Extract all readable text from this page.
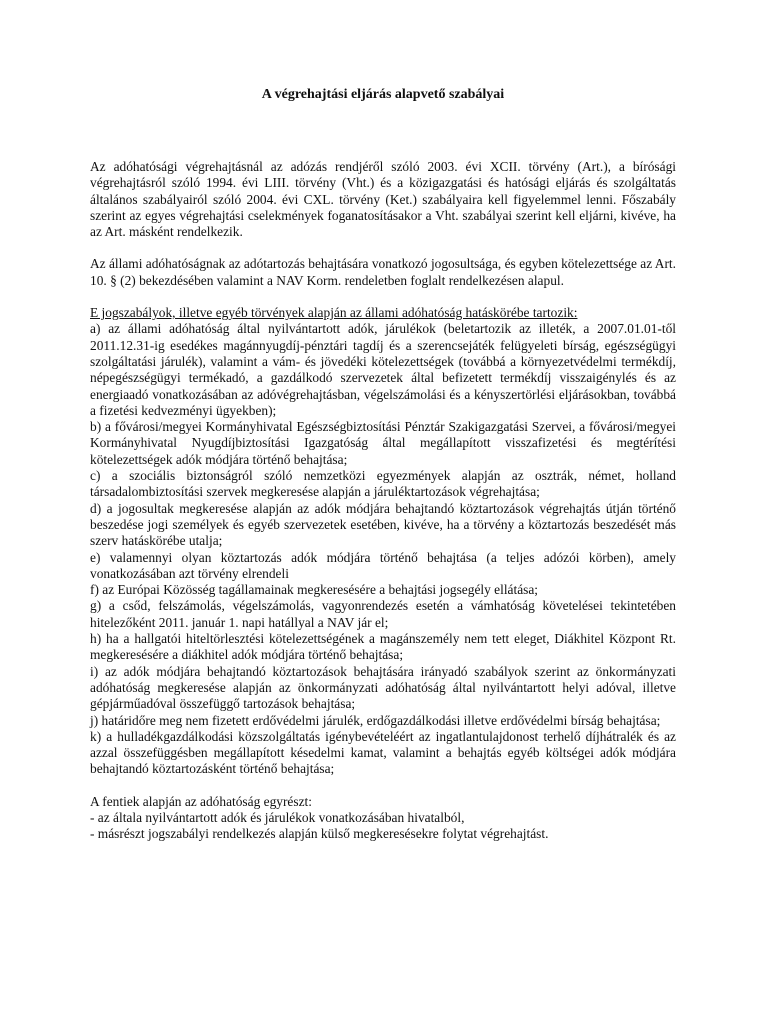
A végrehajtási eljárás alapvető szabályai

Az adóhatósági végrehajtásnál az adózás rendjéről szóló 2003. évi XCII. törvény (Art.), a bírósági végrehajtásról szóló 1994. évi LIII. törvény (Vht.) és a közigazgatási és hatósági eljárás és szolgáltatás általános szabályairól szóló 2004. évi CXL. törvény (Ket.) szabályaira kell figyelemmel lenni. Főszabály szerint az egyes végrehajtási cselekmények foganatosításakor a Vht. szabályai szerint kell eljárni, kivéve, ha az Art. másként rendelkezik.

Az állami adóhatóságnak az adótartozás behajtására vonatkozó jogosultsága, és egyben kötelezettsége az Art. 10. § (2) bekezdésében valamint a NAV Korm. rendeletben foglalt rendelkezésen alapul.

E jogszabályok, illetve egyéb törvények alapján az állami adóhatóság hatáskörébe tartozik:

a) az állami adóhatóság által nyilvántartott adók, járulékok (beletartozik az illeték, a 2007.01.01-től 2011.12.31-ig esedékes magánnyugdíj-pénztári tagdíj és a szerencsejáték felügyeleti bírság, egészségügyi szolgáltatási járulék), valamint a vám- és jövedéki kötelezettségek (továbbá a környezetvédelmi termékdíj, népegészségügyi termékadó, a gazdálkodó szervezetek által befizetett termékdíj visszaigénylés és az energiaadó vonatkozásában az adóvégrehajtásban, végelszámolási és a kényszertörlési eljárásokban, továbbá a fizetési kedvezményi ügyekben);

b) a fővárosi/megyei Kormányhivatal Egészségbiztosítási Pénztár Szakigazgatási Szervei, a fővárosi/megyei Kormányhivatal Nyugdíjbiztosítási Igazgatóság által megállapított visszafizetési és megtérítési kötelezettségek adók módjára történő behajtása;

c) a szociális biztonságról szóló nemzetközi egyezmények alapján az osztrák, német, holland társadalombiztosítási szervek megkeresése alapján a járuléktartozások végrehajtása;

d) a jogosultak megkeresése alapján az adók módjára behajtandó köztartozások végrehajtás útján történő beszedése jogi személyek és egyéb szervezetek esetében, kivéve, ha a törvény a köztartozás beszedését más szerv hatáskörébe utalja;

e) valamennyi olyan köztartozás adók módjára történő behajtása (a teljes adózói körben), amely vonatkozásában azt törvény elrendeli

f) az Európai Közösség tagállamainak megkeresésére a behajtási jogsegély ellátása;

g) a csőd, felszámolás, végelszámolás, vagyonrendezés esetén a vámhatóság követelései tekintetében hitelezőként 2011. január 1. napi hatállyal a NAV jár el;

h) ha a hallgatói hiteltörlesztési kötelezettségének a magánszemély nem tett eleget, Diákhitel Központ Rt. megkeresésére a diákhitel adók módjára történő behajtása;

i) az adók módjára behajtandó köztartozások behajtására irányadó szabályok szerint az önkormányzati adóhatóság megkeresése alapján az önkormányzati adóhatóság által nyilvántartott helyi adóval, illetve gépjárműadóval összefüggő tartozások behajtása;

j) határidőre meg nem fizetett erdővédelmi járulék, erdőgazdálkodási illetve erdővédelmi bírság behajtása;

k) a hulladékgazdálkodási közszolgáltatás igénybevételéért az ingatlantulajdonost terhelő díjhátralék és az azzal összefüggésben megállapított késedelmi kamat, valamint a behajtás egyéb költségei adók módjára behajtandó köztartozásként történő behajtása;

A fentiek alapján az adóhatóság egyrészt:

- az általa nyilvántartott adók és járulékok vonatkozásában hivatalból,

- másrészt jogszabályi rendelkezés alapján külső megkeresésekre folytat végrehajtást.
